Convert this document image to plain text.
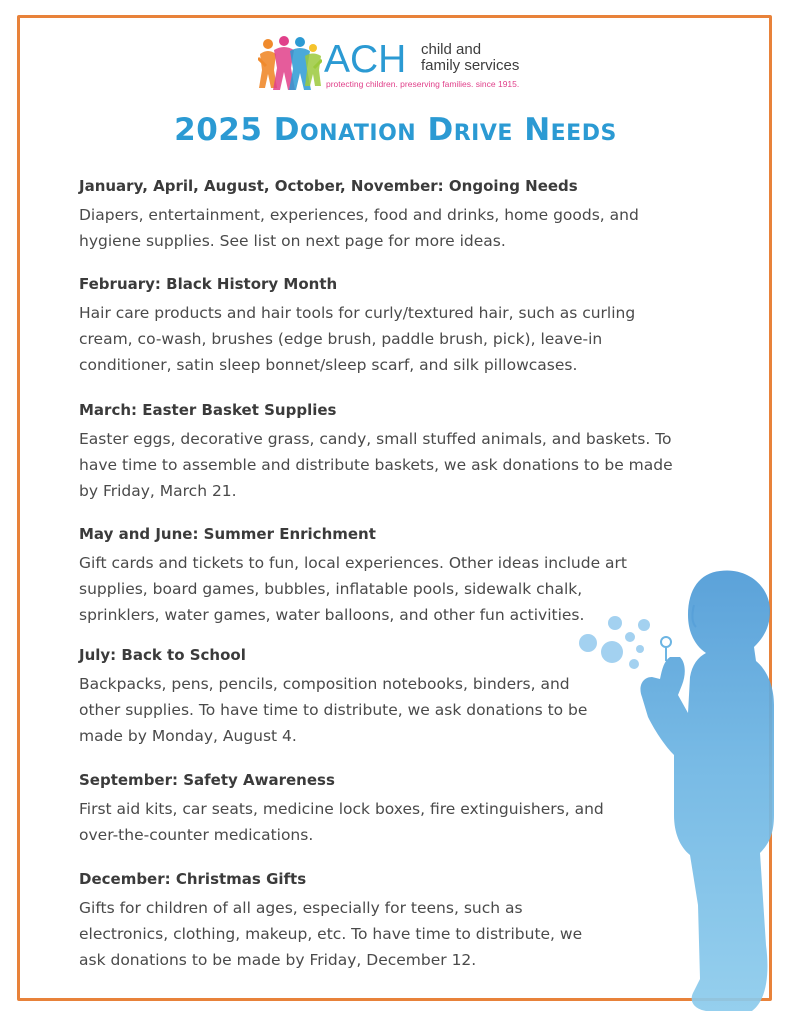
ACH child and
family services
protecting children. preserving families. since 1915.
2025 Donation Drive Needs

January, April, August, October, November: Ongoing Needs

Diapers, entertainment, experiences, food and drinks, home goods, and
hygiene supplies. See list on next page for more ideas.

February: Black History Month

Hair care products and hair tools for curly/textured hair, such as curling
cream, co-wash, brushes (edge brush, paddle brush, pick), leave-in
conditioner, satin sleep bonnet/sleep scarf, and silk pillowcases.

March: Easter Basket Supplies

Easter eggs, decorative grass, candy, small stuffed animals, and baskets. To
have time to assemble and distribute baskets, we ask donations to be made
by Friday, March 21.

May and June: Summer Enrichment

Gift cards and tickets to fun, local experiences. Other ideas include art
supplies, board games, bubbles, inflatable pools, sidewalk chalk,
sprinklers, water games, water balloons, and other fun activities.

July: Back to School

Backpacks, pens, pencils, composition notebooks, binders, and
other supplies. To have time to distribute, we ask donations to be
made by Monday, August 4.

September: Safety Awareness

First aid kits, car seats, medicine lock boxes, fire extinguishers, and
over-the-counter medications.

December: Christmas Gifts

Gifts for children of all ages, especially for teens, such as
electronics, clothing, makeup, etc. To have time to distribute, we
ask donations to be made by Friday, December 12.
